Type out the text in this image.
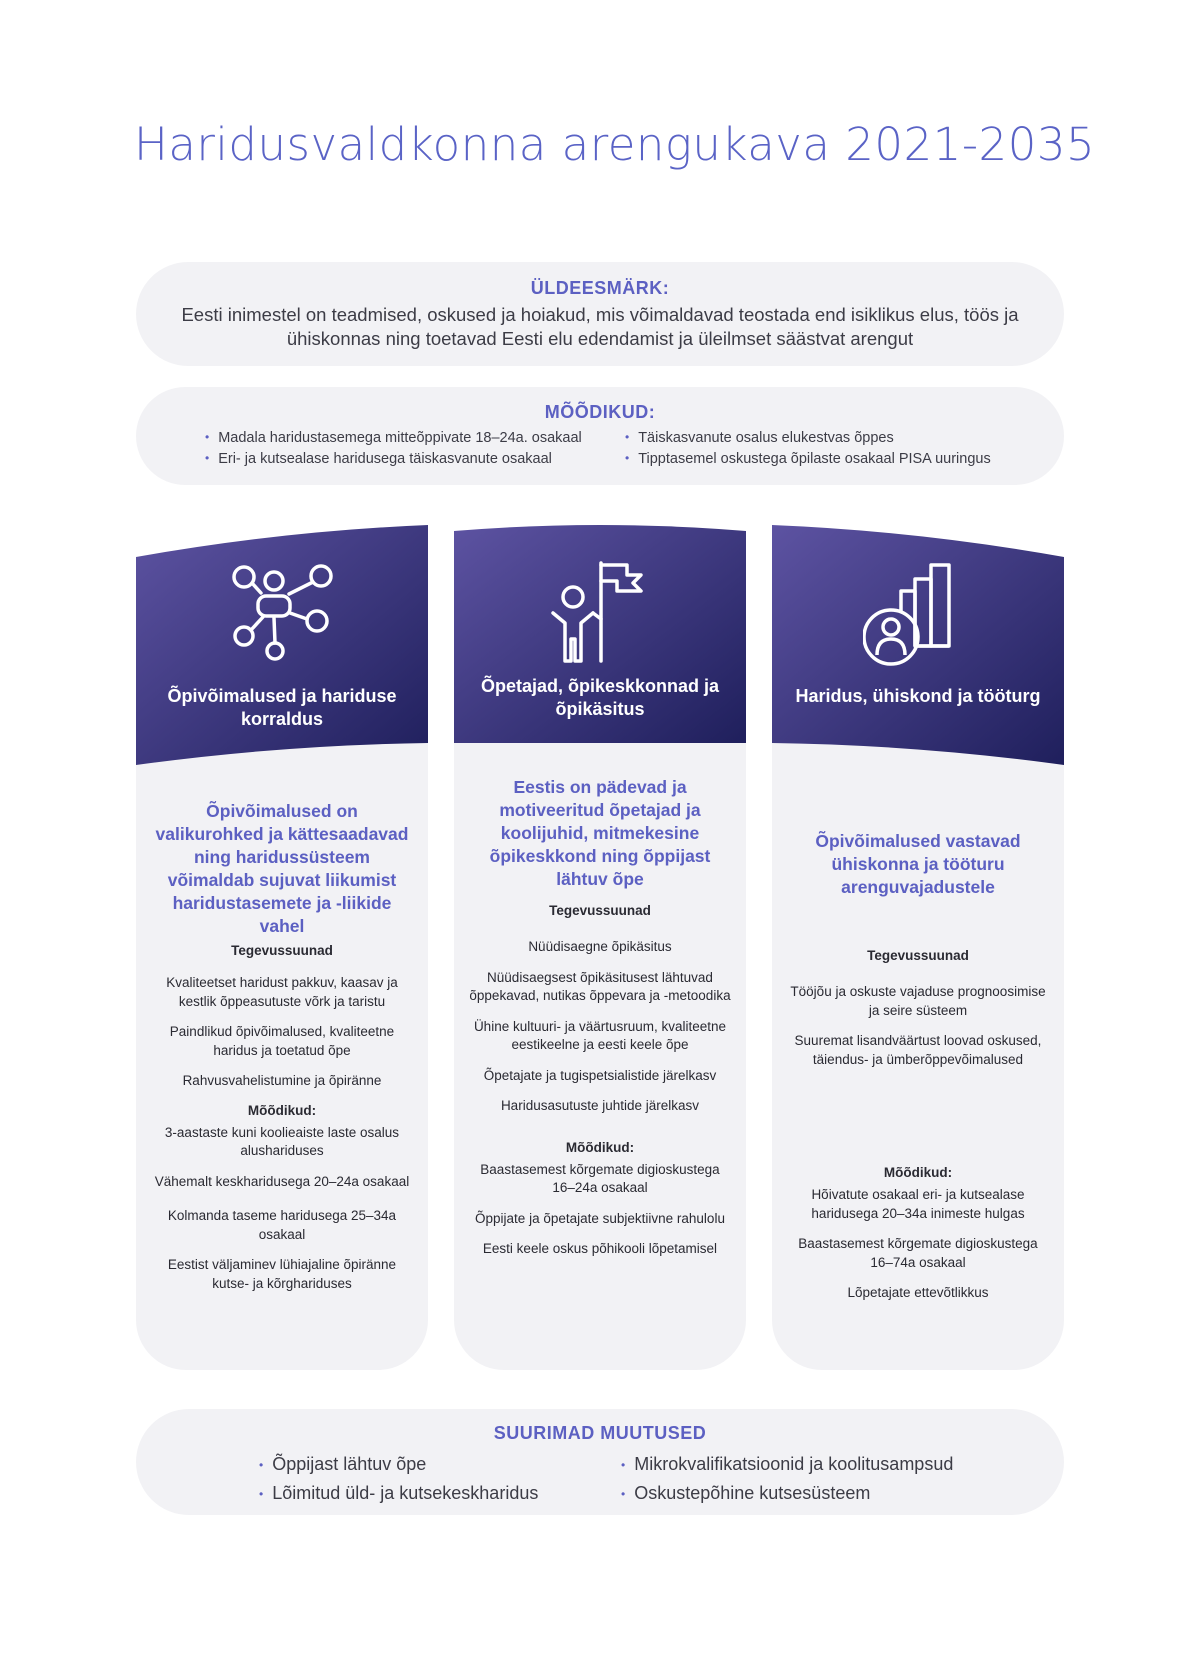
Haridusvaldkonna arengukava 2021-2035
ÜLDEESMÄRK:
Eesti inimestel on teadmised, oskused ja hoiakud, mis võimaldavad teostada end isiklikus elus, töös ja ühiskonnas ning toetavad Eesti elu edendamist ja üleilmset säästvat arengut
MÕÕDIKUD:
• Madala haridustasemega mitteõppivate 18–24a. osakaal
• Eri- ja kutsealase haridusega täiskasvanute osakaal
• Täiskasvanute osalus elukestvas õppes
• Tipptasemel oskustega õpilaste osakaal PISA uuringus
Õpivõimalused ja hariduse korraldus
Õpivõimalused on valikurohked ja kättesaadavad ning haridussüsteem võimaldab sujuvat liikumist haridustasemete ja -liikide vahel
Tegevussuunad
Kvaliteetset haridust pakkuv, kaasav ja kestlik õppeasutuste võrk ja taristu
Paindlikud õpivõimalused, kvaliteetne haridus ja toetatud õpe
Rahvusvahelistumine ja õpiränne
Mõõdikud:
3-aastaste kuni koolieaiste laste osalus alushariduses
Vähemalt keskharidusega 20–24a osakaal
Kolmanda taseme haridusega 25–34a osakaal
Eestist väljaminev lühiajaline õpiränne kutse- ja kõrghariduses
Õpetajad, õpikeskkonnad ja õpikäsitus
Eestis on pädevad ja motiveeritud õpetajad ja koolijuhid, mitmekesine õpikeskkond ning õppijast lähtuv õpe
Tegevussuunad
Nüüdisaegne õpikäsitus
Nüüdisaegsest õpikäsitusest lähtuvad õppekavad, nutikas õppevara ja -metoodika
Ühine kultuuri- ja väärtusruum, kvaliteetne eestikeelne ja eesti keele õpe
Õpetajate ja tugispetsialistide järelkasv
Haridusasutuste juhtide järelkasv
Mõõdikud:
Baastasemest kõrgemate digioskustega 16–24a osakaal
Õppijate ja õpetajate subjektiivne rahulolu
Eesti keele oskus põhikooli lõpetamisel
Haridus, ühiskond ja tööturg
Õpivõimalused vastavad ühiskonna ja tööturu arenguvajadustele
Tegevussuunad
Tööjõu ja oskuste vajaduse prognoosimise ja seire süsteem
Suuremat lisandväärtust loovad oskused, täiendus- ja ümberõppevõimalused
Mõõdikud:
Hõivatute osakaal eri- ja kutsealase haridusega 20–34a inimeste hulgas
Baastasemest kõrgemate digioskustega 16–74a osakaal
Lõpetajate ettevõtlikkus
SUURIMAD MUUTUSED
• Õppijast lähtuv õpe
• Lõimitud üld- ja kutsekeskharidus
• Mikrokvalifikatsioonid ja koolitusampsud
• Oskustepõhine kutsesüsteem
